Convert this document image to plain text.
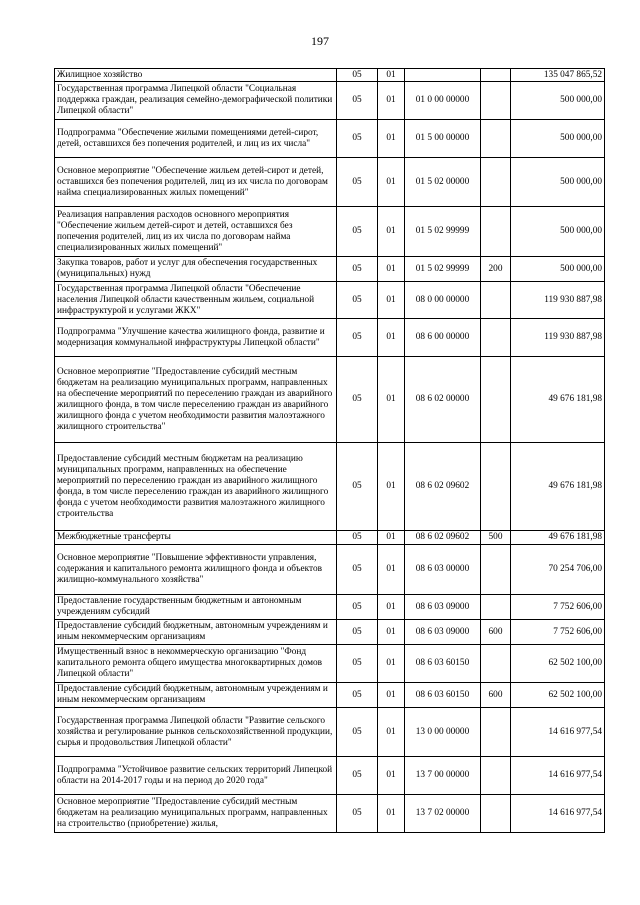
197
Жилищное хозяйство	05	01			135 047 865,52
Государственная программа Липецкой области "Социальная поддержка граждан, реализация семейно-демографической политики Липецкой области"	05	01	01 0 00 00000		500 000,00
Подпрограмма "Обеспечение жилыми помещениями детей-сирот, детей, оставшихся без попечения родителей, и лиц из их числа"	05	01	01 5 00 00000		500 000,00
Основное мероприятие "Обеспечение жильем детей-сирот и детей, оставшихся без попечения родителей, лиц из их числа по договорам найма специализированных жилых помещений"	05	01	01 5 02 00000		500 000,00
Реализация направления расходов основного мероприятия "Обеспечение жильем детей-сирот и детей, оставшихся без попечения родителей, лиц из их числа по договорам найма специализированных жилых помещений"	05	01	01 5 02 99999		500 000,00
Закупка товаров, работ и услуг для обеспечения государственных (муниципальных) нужд	05	01	01 5 02 99999	200	500 000,00
Государственная программа Липецкой области "Обеспечение населения Липецкой области качественным жильем, социальной инфраструктурой и услугами ЖКХ"	05	01	08 0 00 00000		119 930 887,98
Подпрограмма "Улучшение качества жилищного фонда, развитие и модернизация коммунальной инфраструктуры Липецкой области"	05	01	08 6 00 00000		119 930 887,98
Основное мероприятие "Предоставление субсидий местным бюджетам на реализацию муниципальных программ, направленных на обеспечение мероприятий по переселению граждан из аварийного жилищного фонда, в том числе переселению граждан из аварийного жилищного фонда с учетом необходимости развития малоэтажного жилищного строительства"	05	01	08 6 02 00000		49 676 181,98
Предоставление субсидий местным бюджетам на реализацию муниципальных программ, направленных на обеспечение мероприятий по переселению граждан из аварийного жилищного фонда, в том числе переселению граждан из аварийного жилищного фонда с учетом необходимости развития малоэтажного жилищного строительства	05	01	08 6 02 09602		49 676 181,98
Межбюджетные трансферты	05	01	08 6 02 09602	500	49 676 181,98
Основное мероприятие "Повышение эффективности управления, содержания и капитального ремонта жилищного фонда и объектов жилищно-коммунального хозяйства"	05	01	08 6 03 00000		70 254 706,00
Предоставление государственным бюджетным и автономным учреждениям субсидий	05	01	08 6 03 09000		7 752 606,00
Предоставление субсидий бюджетным, автономным учреждениям и иным некоммерческим организациям	05	01	08 6 03 09000	600	7 752 606,00
Имущественный взнос в некоммерческую организацию "Фонд капитального ремонта общего имущества многоквартирных домов Липецкой области"	05	01	08 6 03 60150		62 502 100,00
Предоставление субсидий бюджетным, автономным учреждениям и иным некоммерческим организациям	05	01	08 6 03 60150	600	62 502 100,00
Государственная программа Липецкой области "Развитие сельского хозяйства и регулирование рынков сельскохозяйственной продукции, сырья и продовольствия Липецкой области"	05	01	13 0 00 00000		14 616 977,54
Подпрограмма "Устойчивое развитие сельских территорий Липецкой области на 2014-2017 годы и на период до 2020 года"	05	01	13 7 00 00000		14 616 977,54
Основное мероприятие "Предоставление субсидий местным бюджетам на реализацию муниципальных программ, направленных на строительство (приобретение) жилья,	05	01	13 7 02 00000		14 616 977,54
